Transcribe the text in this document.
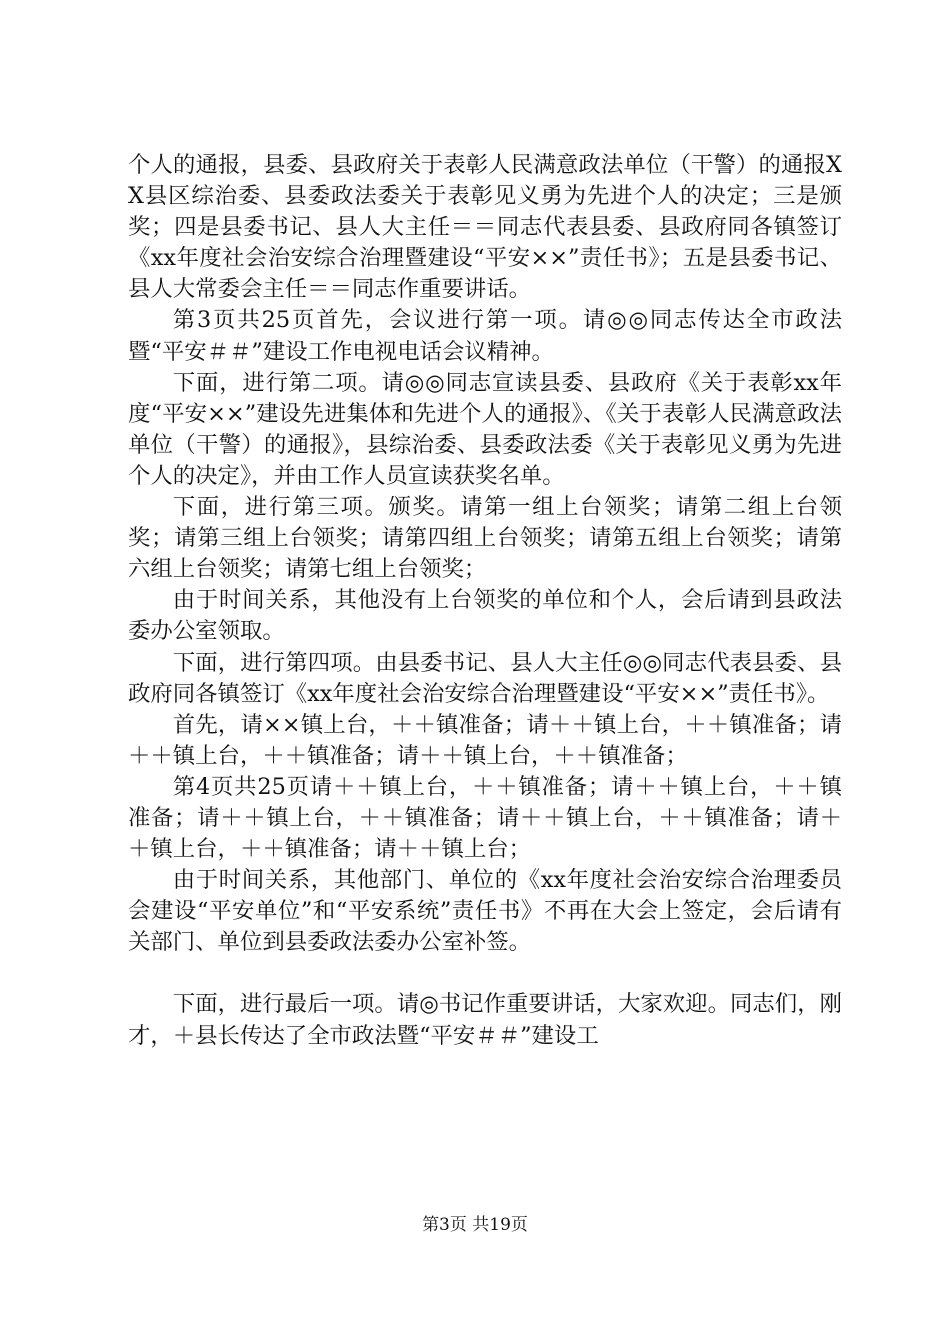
个人的通报，县委、县政府关于表彰人民满意政法单位（干警）的通报XX县区综治委、县委政法委关于表彰见义勇为先进个人的决定；三是颁奖；四是县委书记、县人大主任＝＝同志代表县委、县政府同各镇签订《xx年度社会治安综合治理暨建设“平安××”责任书》；五是县委书记、县人大常委会主任＝＝同志作重要讲话。

第3页共25页首先，会议进行第一项。请◎◎同志传达全市政法暨“平安＃＃”建设工作电视电话会议精神。

下面，进行第二项。请◎◎同志宣读县委、县政府《关于表彰xx年度“平安××”建设先进集体和先进个人的通报》、《关于表彰人民满意政法单位（干警）的通报》，县综治委、县委政法委《关于表彰见义勇为先进个人的决定》，并由工作人员宣读获奖名单。

下面，进行第三项。颁奖。请第一组上台领奖；请第二组上台领奖；请第三组上台领奖；请第四组上台领奖；请第五组上台领奖；请第六组上台领奖；请第七组上台领奖；

由于时间关系，其他没有上台领奖的单位和个人，会后请到县政法委办公室领取。

下面，进行第四项。由县委书记、县人大主任◎◎同志代表县委、县政府同各镇签订《xx年度社会治安综合治理暨建设“平安××”责任书》。

首先，请××镇上台，＋＋镇准备；请＋＋镇上台，＋＋镇准备；请＋＋镇上台，＋＋镇准备；请＋＋镇上台，＋＋镇准备；

第4页共25页请＋＋镇上台，＋＋镇准备；请＋＋镇上台，＋＋镇准备；请＋＋镇上台，＋＋镇准备；请＋＋镇上台，＋＋镇准备；请＋＋镇上台，＋＋镇准备；请＋＋镇上台；

由于时间关系，其他部门、单位的《xx年度社会治安综合治理委员会建设“平安单位”和“平安系统”责任书》不再在大会上签定，会后请有关部门、单位到县委政法委办公室补签。

下面，进行最后一项。请◎书记作重要讲话，大家欢迎。同志们，刚才，＋县长传达了全市政法暨“平安＃＃”建设工

第3页 共19页
